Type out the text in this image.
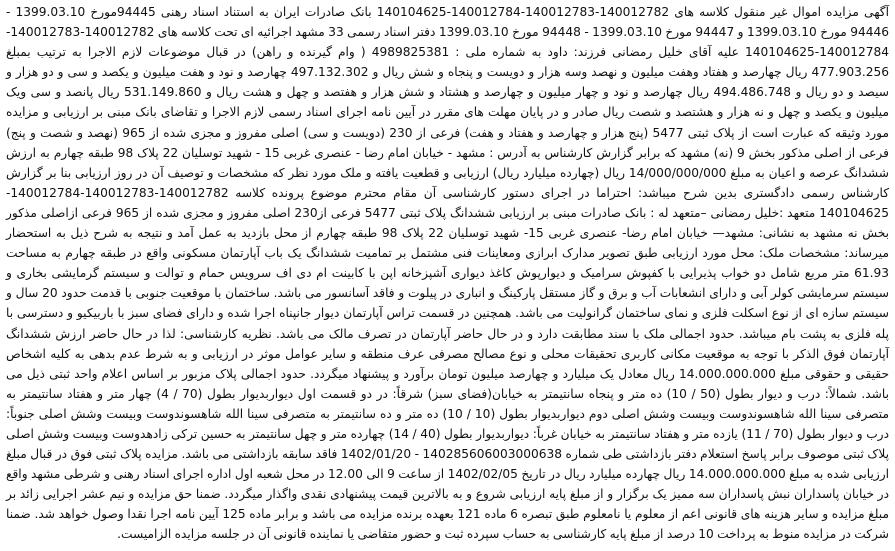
آگهی مزایده اموال غیر منقول کلاسه های 140012782-140012783-140012784-140104625 بانک صادرات ایران به استناد اسناد رهنی 94445مورخ 1399.03.10 - 94446 مورخ 1399.03.10 و 94447 مورخ 1399.03.10 - 94448 مورخ 1399.03.10 دفتر اسناد رسمی 33 مشهد اجرائیه ای تحت کلاسه های 140012782-140012783-140012784-140104625 علیه آقای خلیل رمضانی فرزند: داود به شماره ملی : 4989825381 ( وام گیرنده و راهن) در قبال موضوعات لازم الاجرا به ترتیب بمبلغ 477.903.256 ریال چهارصد و هفتاد وهفت میلیون و نهصد وسه هزار و دویست و پنجاه و شش ریال و 497.132.302 چهارصد و نود و هفت میلیون و یکصد و سی و دو هزار و سیصد و دو ریال و 494.486.748 ریال چهارصد و نود و چهار میلیون و چهارصد و هشتاد و شش هزار و هفتصد و چهل و هشت ریال و 531.149.860 ریال پانصد و سی ویک میلیون و یکصد و چهل و نه هزار و هشتصد و شصت ریال صادر و در پایان مهلت های مقرر در آیین نامه اجرای اسناد رسمی لازم الاجرا و تقاضای بانک مبنی بر ارزیابی و مزایده مورد وثیقه که عبارت است از پلاک ثبتی 5477 (پنج هزار و چهارصد و هفتاد و هفت) فرعی از 230 (دویست و سی) اصلی مفروز و مجزی شده از 965 (نهصد و شصت و پنج) فرعی از اصلی مذکور بخش 9 (نه) مشهد که برابر گزارش کارشناس به آدرس : مشهد - خیابان امام رضا - عنصری غربی 15 - شهید توسلیان 22 پلاک 98 طبقه چهارم به ارزش ششدانگ عرصه و اعیان به مبلغ 14/000/000/000 ریال (چهارده میلیارد ریال) ارزیابی و قطعیت یافته و ملک مورد نظر که مشخصات و توصیف آن در روز ارزیابی بنا بر گزارش کارشناس رسمی دادگستری بدین شرح میباشد: احتراما در اجرای دستور کارشناسی آن مقام محترم موضوع پرونده کلاسه 140012782-140012783-140012784-140104625 متعهد :خلیل رمضانی –متعهد له : بانک صادرات مبنی بر ارزیابی ششدانگ پلاک ثبتی 5477 فرعی از230 اصلی مفروز و مجزی شده از 965 فرعی ازاصلی مذکور بخش نه مشهد به نشانی: مشهد— خیابان امام رضا- عنصری غربی 15- شهید توسلیان 22 پلاک 98 طبقه چهارم از محل بازدید به عمل آمد و نتیجه به شرح ذیل به استحضار میرساند: مشخصات ملک: محل مورد ارزیابی طبق تصویر مدارک ابرازی ومعاینات فنی مشتمل بر تمامیت ششدانگ یک باب آپارتمان مسکونی واقع در طبقه چهارم به مساحت 61.93 متر مربع شامل دو خواب پذیرایی با کفپوش سرامیک و دیوارپوش کاغذ دیواری آشپزخانه اپن با کابینت ام دی اف سرویس حمام و توالت و سیستم گرمایشی بخاری و سیستم سرمایشی کولر آبی و دارای انشعابات آب و برق و گاز مستقل پارکینگ و انباری در پیلوت و فاقد آسانسور می باشد. ساختمان با موقعیت جنوبی با قدمت حدود 20 سال و سیستم سازه ای از نوع اسکلت فلزی و نمای ساختمان گرانولیت می باشد. همچنین در قسمت تراس آپارتمان دیوار جانپناه اجرا شده و دارای فضای سبز با باربیکیو و دسترسی با پله فلزی به پشت بام میباشد. حدود اجمالی ملک با سند مطابقت دارد و در حال حاضر آپارتمان در تصرف مالک می باشد. نظریه کارشناسی: لذا در حال حاضر ارزش ششدانگ آپارتمان فوق الذکر با توجه به موقعیت مکانی کاربری تحقیقات محلی و نوع مصالح مصرفی عرف منطقه و سایر عوامل موثر در ارزیابی و به شرط عدم بدهی به کلیه اشخاص حقیقی و حقوقی مبلغ 14.000.000.000 ریال معادل یک میلیارد و چهارصد میلیون تومان برآورد و پیشنهاد میگردد. حدود اجمالی پلاک مزبور بر اساس اعلام واحد ثبتی ذیل می باشد. شمالاً: درب و دیوار بطول (50 / 10) ده متر و پنجاه سانتیمتر به خیابان(فضای سبز) شرقاً: در دو قسمت اول دیواربدیوار بطول (70 / 4) چهار متر و هفتاد سانتیمتر به متصرفی سینا الله شاهسوندوست وبیست وشش اصلی دوم دیواربدیوار بطول (10 / 10) ده متر و ده سانتیمتر به متصرفی سینا الله شاهسوندوست وبیست وشش اصلی جنوباً: درب و دیوار بطول (70 / 11) یازده متر و هفتاد سانتیمتر به خیابان غرباً: دیواربدیوار بطول (40 / 14) چهارده متر و چهل سانتیمتر به حسین ترکی زادهدوست وبیست وشش اصلی پلاک ثبتی موصوف برابر پاسخ استعلام دفتر بازداشتی طی شماره 140285606003000638 - 1402/01/20 فاقد سابقه بازداشتی می باشد. مزایده پلاک ثبتی فوق در قبال مبلغ ارزیابی شده به مبلغ 14.000.000.000 ریال چهارده میلیارد ریال در تاریخ 1402/02/05 از ساعت 9 الی 12.00 در محل شعبه اول اداره اجرای اسناد رهنی و شرطی مشهد واقع در خیابان پاسداران نبش پاسداران سه ممیز یک برگزار و از مبلغ پایه ارزیابی شروع و به بالاترین قیمت پیشنهادی نقدی واگذار میگردد. ضمنا حق مزایده و نیم عشر اجرایی زائد بر مبلغ مزایده و سایر هزینه های قانونی اعم از معلوم یا نامعلوم طبق تبصره 6 ماده 121 بعهده برنده مزایده می باشد و برابر ماده 125 آیین نامه اجرا نقدا وصول خواهد شد. ضمنا شرکت در مزایده منوط به پرداخت 10 درصد از مبلغ پایه کارشناسی به حساب سپرده ثبت و حضور متقاضی یا نماینده قانونی آن در جلسه مزایده الزامیست.
